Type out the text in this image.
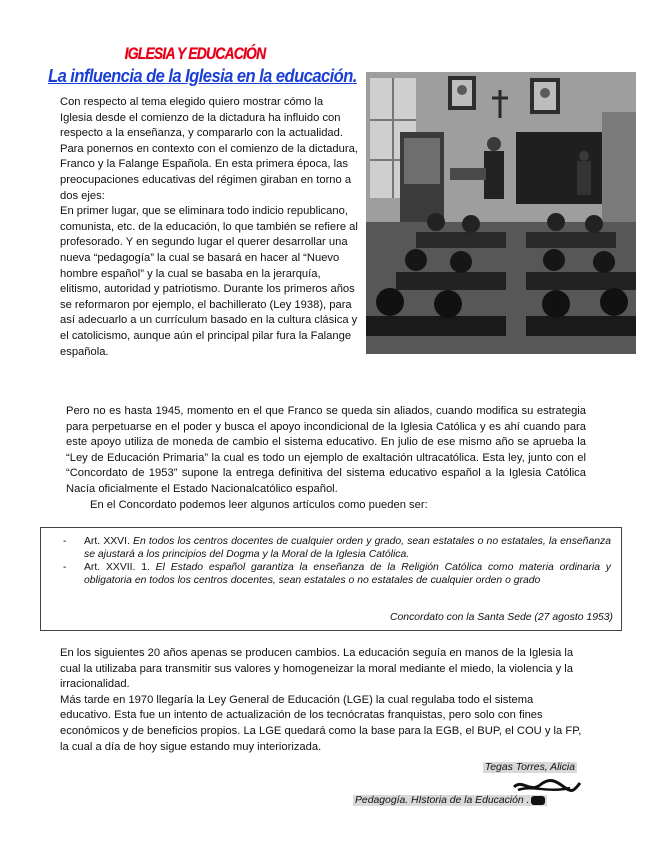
IGLESIA Y EDUCACIÓN
La influencia de la Iglesia en la educación.

Con respecto al tema elegido quiero mostrar cómo la Iglesia desde el comienzo de la dictadura ha influido con respecto a la enseñanza, y compararlo con la actualidad.

Para ponernos en contexto con el comienzo de la dictadura, Franco y la Falange Española. En esta primera época, las preocupaciones educativas del régimen giraban en torno a dos ejes:

En primer lugar, que se eliminara todo indicio republicano, comunista, etc. de la educación, lo que también se refiere al profesorado. Y en segundo lugar el querer desarrollar una nueva “pedagogía” la cual se basará en hacer al “Nuevo hombre español” y la cual se basaba en la jerarquía, elitismo, autoridad y patriotismo. Durante los primeros años se reformaron por ejemplo, el bachillerato (Ley 1938), para así adecuarlo a un currículum basado en la cultura clásica y el catolicismo, aunque aún el principal pilar fura la Falange española.

Pero no es hasta 1945, momento en el que Franco se queda sin aliados, cuando modifica su estrategia para perpetuarse en el poder y busca el apoyo incondicional de la Iglesia Católica y es ahí cuando para este apoyo utiliza de moneda de cambio el sistema educativo. En julio de ese mismo año se aprueba la “Ley de Educación Primaria” la cual es todo un ejemplo de exaltación ultracatólica. Esta ley, junto con el “Concordato de 1953” supone la entrega definitiva del sistema educativo español a la Iglesia Católica Nacía oficialmente el Estado Nacionalcatólico español.

En el Concordato podemos leer algunos artículos como pueden ser:

- Art. XXVI. En todos los centros docentes de cualquier orden y grado, sean estatales o no estatales, la enseñanza se ajustará a los principios del Dogma y la Moral de la Iglesia Católica.
- Art. XXVII. 1. El Estado español garantiza la enseñanza de la Religión Católica como materia ordinaria y obligatoria en todos los centros docentes, sean estatales o no estatales de cualquier orden o grado
Concordato con la Santa Sede (27 agosto 1953)

En los siguientes 20 años apenas se producen cambios. La educación seguía en manos de la Iglesia la cual la utilizaba para transmitir sus valores y homogeneizar la moral mediante el miedo, la violencia y la irracionalidad.

Más tarde en 1970 llegaría la Ley General de Educación (LGE) la cual regulaba todo el sistema educativo. Esta fue un intento de actualización de los tecnócratas franquistas, pero solo con fines económicos y de beneficios propios. La LGE quedará como la base para la EGB, el BUP, el COU y la FP, la cual a día de hoy sigue estando muy interiorizada.

Tegas Torres, Alicia
Pedagogía. HIstoria de la Educación .
